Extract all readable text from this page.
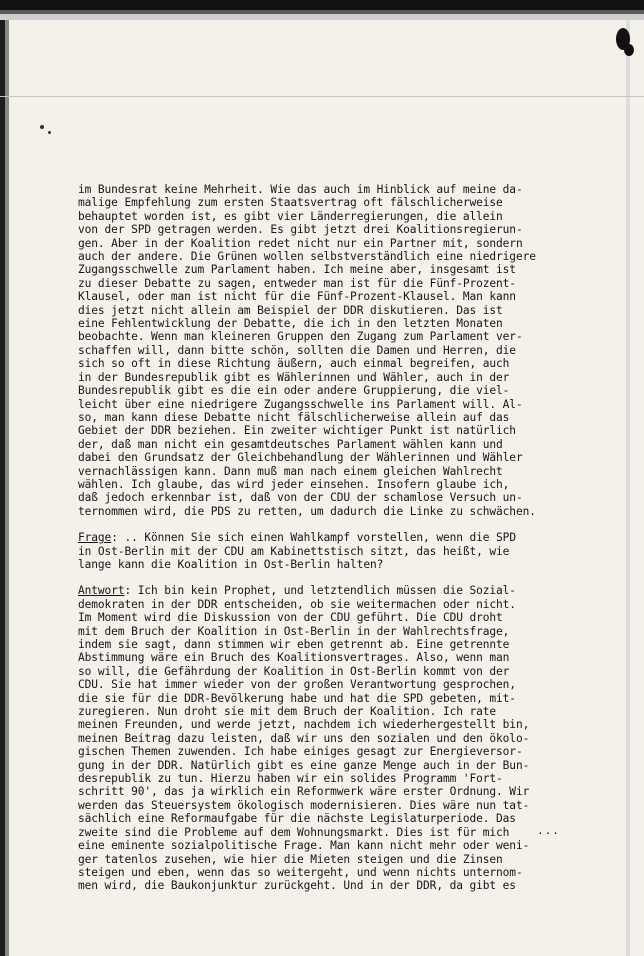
im Bundesrat keine Mehrheit. Wie das auch im Hinblick auf meine da-
malige Empfehlung zum ersten Staatsvertrag oft fälschlicherweise
behauptet worden ist, es gibt vier Länderregierungen, die allein
von der SPD getragen werden. Es gibt jetzt drei Koalitionsregierun-
gen. Aber in der Koalition redet nicht nur ein Partner mit, sondern
auch der andere. Die Grünen wollen selbstverständlich eine niedrigere
Zugangsschwelle zum Parlament haben. Ich meine aber, insgesamt ist
zu dieser Debatte zu sagen, entweder man ist für die Fünf-Prozent-
Klausel, oder man ist nicht für die Fünf-Prozent-Klausel. Man kann
dies jetzt nicht allein am Beispiel der DDR diskutieren. Das ist
eine Fehlentwicklung der Debatte, die ich in den letzten Monaten
beobachte. Wenn man kleineren Gruppen den Zugang zum Parlament ver-
schaffen will, dann bitte schön, sollten die Damen und Herren, die
sich so oft in diese Richtung äußern, auch einmal begreifen, auch
in der Bundesrepublik gibt es Wählerinnen und Wähler, auch in der
Bundesrepublik gibt es die ein oder andere Gruppierung, die viel-
leicht über eine niedrigere Zugangsschwelle ins Parlament will. Al-
so, man kann diese Debatte nicht fälschlicherweise allein auf das
Gebiet der DDR beziehen. Ein zweiter wichtiger Punkt ist natürlich
der, daß man nicht ein gesamtdeutsches Parlament wählen kann und
dabei den Grundsatz der Gleichbehandlung der Wählerinnen und Wähler
vernachlässigen kann. Dann muß man nach einem gleichen Wahlrecht
wählen. Ich glaube, das wird jeder einsehen. Insofern glaube ich,
daß jedoch erkennbar ist, daß von der CDU der schamlose Versuch un-
ternommen wird, die PDS zu retten, um dadurch die Linke zu schwächen.
Frage: .. Können Sie sich einen Wahlkampf vorstellen, wenn die SPD
in Ost-Berlin mit der CDU am Kabinettstisch sitzt, das heißt, wie
lange kann die Koalition in Ost-Berlin halten?
Antwort: Ich bin kein Prophet, und letztendlich müssen die Sozial-
demokraten in der DDR entscheiden, ob sie weitermachen oder nicht.
Im Moment wird die Diskussion von der CDU geführt. Die CDU droht
mit dem Bruch der Koalition in Ost-Berlin in der Wahlrechtsfrage,
indem sie sagt, dann stimmen wir eben getrennt ab. Eine getrennte
Abstimmung wäre ein Bruch des Koalitionsvertrages. Also, wenn man
so will, die Gefährdung der Koalition in Ost-Berlin kommt von der
CDU. Sie hat immer wieder von der großen Verantwortung gesprochen,
die sie für die DDR-Bevölkerung habe und hat die SPD gebeten, mit-
zuregieren. Nun droht sie mit dem Bruch der Koalition. Ich rate
meinen Freunden, und werde jetzt, nachdem ich wiederhergestellt bin,
meinen Beitrag dazu leisten, daß wir uns den sozialen und den ökolo-
gischen Themen zuwenden. Ich habe einiges gesagt zur Energieversor-
gung in der DDR. Natürlich gibt es eine ganze Menge auch in der Bun-
desrepublik zu tun. Hierzu haben wir ein solides Programm 'Fort-
schritt 90', das ja wirklich ein Reformwerk wäre erster Ordnung. Wir
werden das Steuersystem ökologisch modernisieren. Dies wäre nun tat-
sächlich eine Reformaufgabe für die nächste Legislaturperiode. Das
zweite sind die Probleme auf dem Wohnungsmarkt. Dies ist für mich
eine eminente sozialpolitische Frage. Man kann nicht mehr oder weni-
ger tatenlos zusehen, wie hier die Mieten steigen und die Zinsen
steigen und eben, wenn das so weitergeht, und wenn nichts unternom-
men wird, die Baukonjunktur zurückgeht. Und in der DDR, da gibt es
...
